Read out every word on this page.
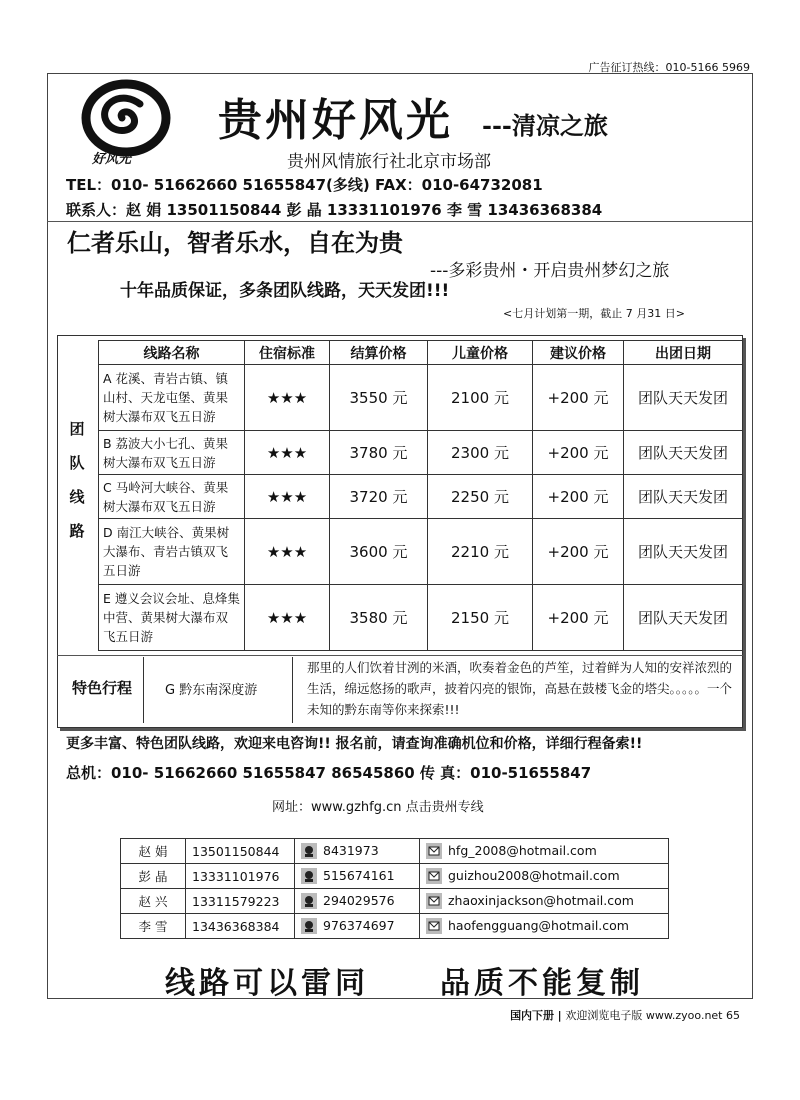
广告征订热线：010-5166 5969
好风光
贵州好风光 ---清凉之旅
贵州风情旅行社北京市场部
TEL：010- 51662660 51655847(多线) FAX：010-64732081
联系人：赵 娟 13501150844 彭 晶 13331101976 李 雪 13436368384
仁者乐山，智者乐水，自在为贵
---多彩贵州・开启贵州梦幻之旅
十年品质保证，多条团队线路，天天发团!!!
<七月计划第一期，截止 7 月31 日>
团
队
线
路
线路名称	住宿标准	结算价格	儿童价格	建议价格	出团日期
A 花溪、青岩古镇、镇山村、天龙屯堡、黄果树大瀑布双飞五日游	★★★	3550 元	2100 元	+200 元	团队天天发团
B 荔波大小七孔、黄果树大瀑布双飞五日游	★★★	3780 元	2300 元	+200 元	团队天天发团
C 马岭河大峡谷、黄果树大瀑布双飞五日游	★★★	3720 元	2250 元	+200 元	团队天天发团
D 南江大峡谷、黄果树大瀑布、青岩古镇双飞五日游	★★★	3600 元	2210 元	+200 元	团队天天发团
E 遵义会议会址、息烽集中营、黄果树大瀑布双飞五日游	★★★	3580 元	2150 元	+200 元	团队天天发团
特色行程	G 黔东南深度游
那里的人们饮着甘洌的米酒，吹奏着金色的芦笙，过着鲜为人知的安祥浓烈的生活，绵远悠扬的歌声，披着闪亮的银饰，高悬在鼓楼飞金的塔尖。。。。。一个未知的黔东南等你来探索!!!
更多丰富、特色团队线路，欢迎来电咨询!! 报名前，请查询准确机位和价格，详细行程备索!!
总机：010- 51662660 51655847 86545860 传 真：010-51655847
网址：www.gzhfg.cn 点击贵州专线
赵 娟	13501150844	8431973	hfg_2008@hotmail.com
彭 晶	13331101976	515674161	guizhou2008@hotmail.com
赵 兴	13311579223	294029576	zhaoxinjackson@hotmail.com
李 雪	13436368384	976374697	haofengguang@hotmail.com
线路可以雷同 品质不能复制
国内下册 | 欢迎浏览电子版 www.zyoo.net 65
